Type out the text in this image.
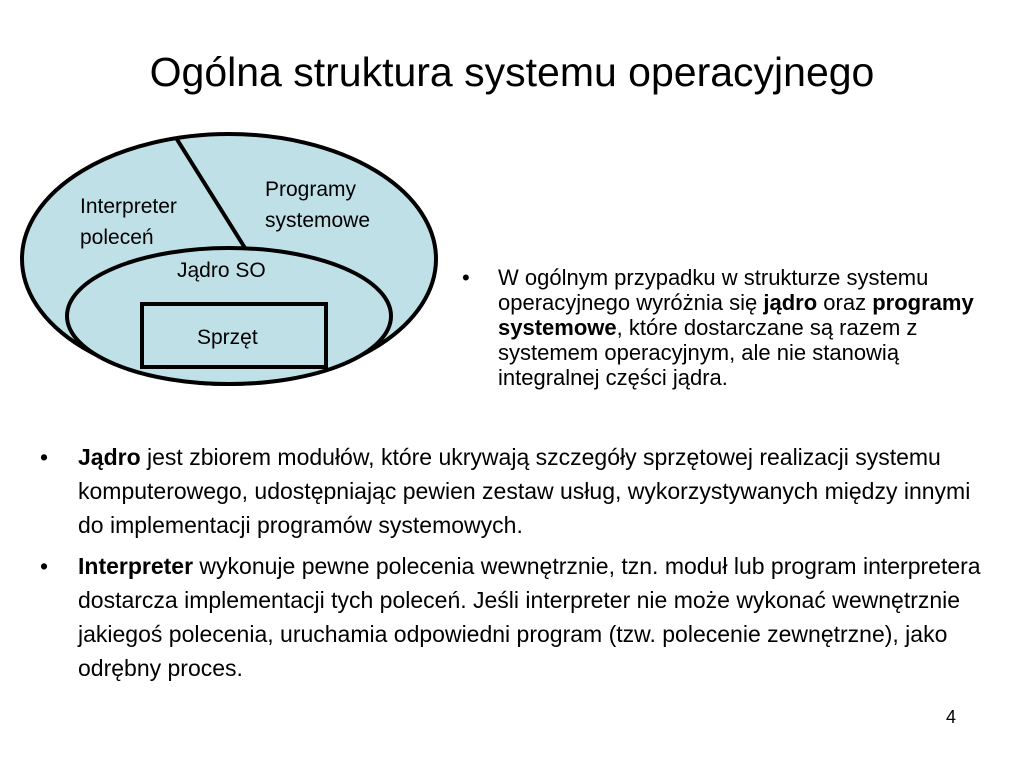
Ogólna struktura systemu operacyjnego
Interpreter
poleceń
Programy
systemowe
Jądro SO
Sprzęt
• W ogólnym przypadku w strukturze systemu operacyjnego wyróżnia się jądro oraz programy systemowe, które dostarczane są razem z systemem operacyjnym, ale nie stanowią integralnej części jądra.
• Jądro jest zbiorem modułów, które ukrywają szczegóły sprzętowej realizacji systemu komputerowego, udostępniając pewien zestaw usług, wykorzystywanych między innymi do implementacji programów systemowych.
• Interpreter wykonuje pewne polecenia wewnętrznie, tzn. moduł lub program interpretera dostarcza implementacji tych poleceń. Jeśli interpreter nie może wykonać wewnętrznie jakiegoś polecenia, uruchamia odpowiedni program (tzw. polecenie zewnętrzne), jako odrębny proces.
4
